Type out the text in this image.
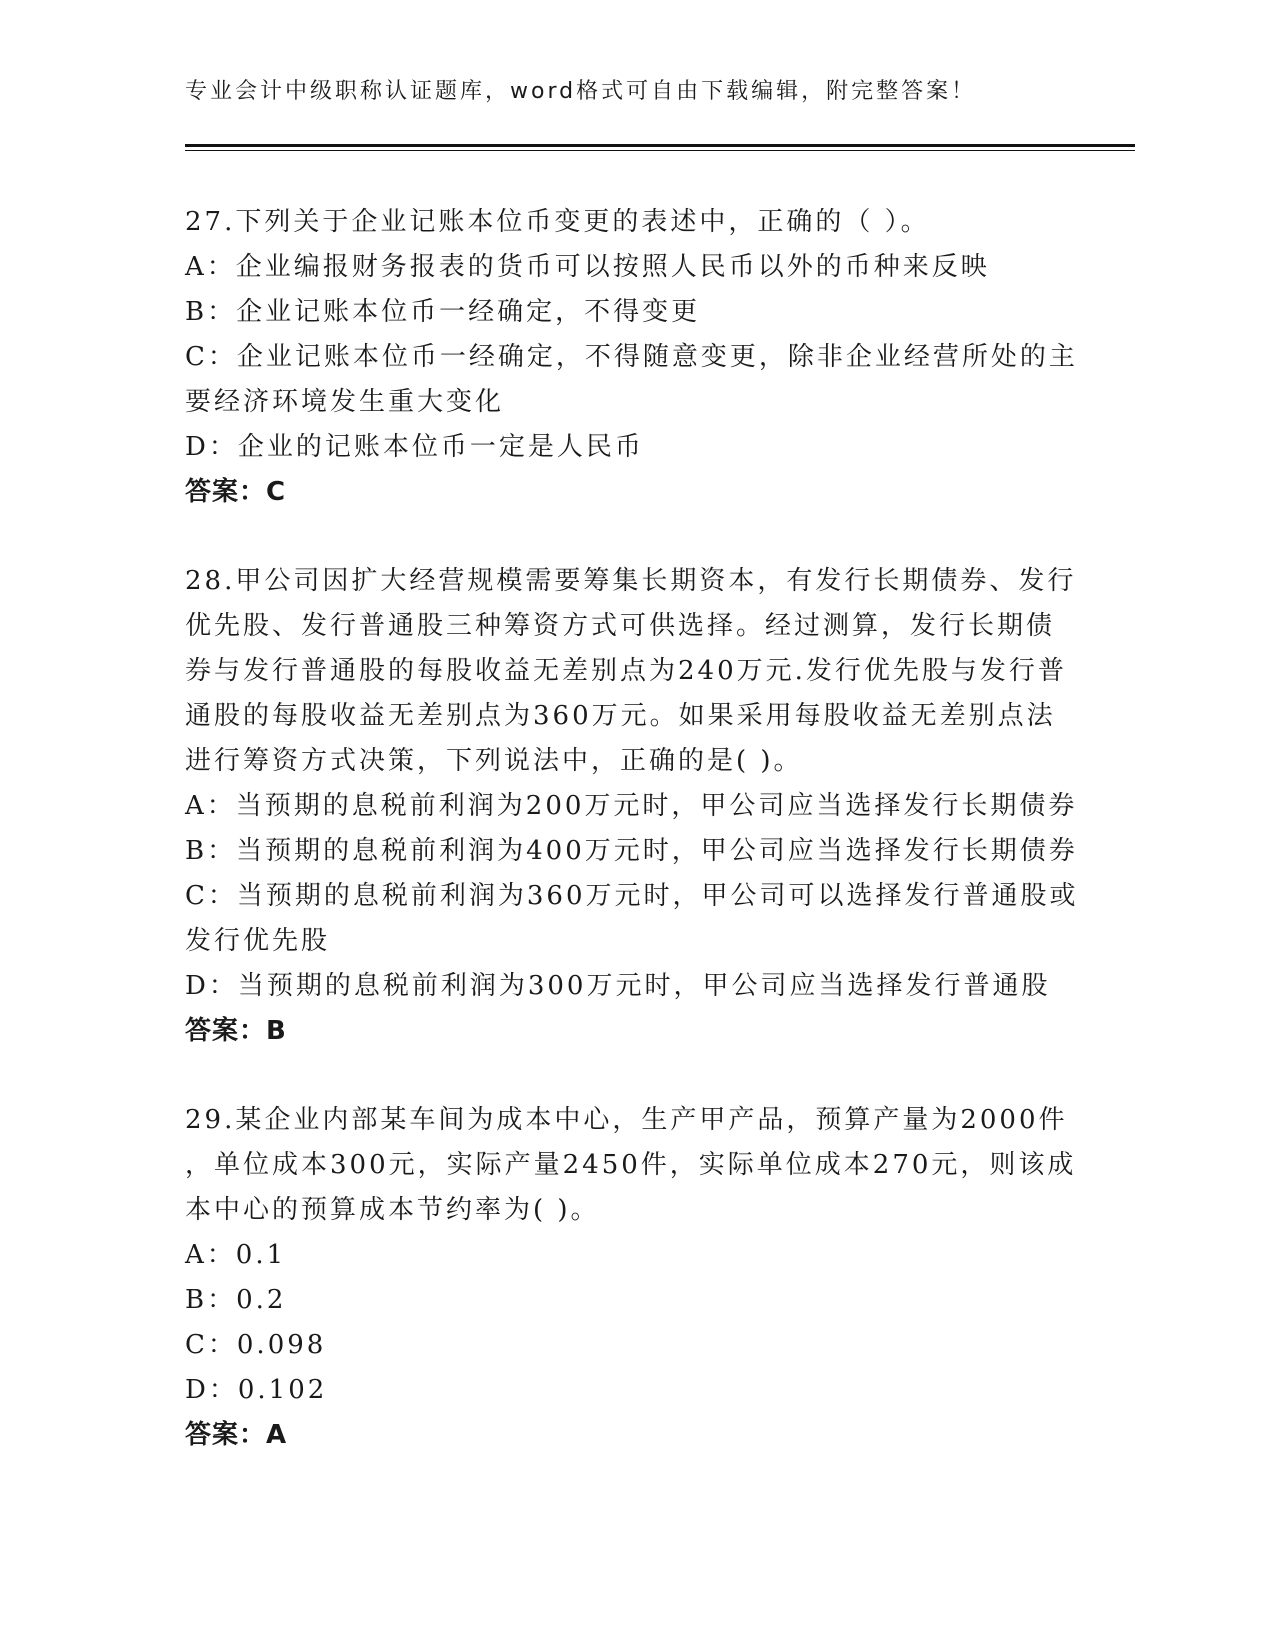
专业会计中级职称认证题库，word格式可自由下载编辑，附完整答案！
27.下列关于企业记账本位币变更的表述中，正确的（ ）。
A：企业编报财务报表的货币可以按照人民币以外的币种来反映
B：企业记账本位币一经确定，不得变更
C：企业记账本位币一经确定，不得随意变更，除非企业经营所处的主
要经济环境发生重大变化
D：企业的记账本位币一定是人民币
答案：C
28.甲公司因扩大经营规模需要筹集长期资本，有发行长期债券、发行
优先股、发行普通股三种筹资方式可供选择。经过测算，发行长期债
券与发行普通股的每股收益无差别点为240万元.发行优先股与发行普
通股的每股收益无差别点为360万元。如果采用每股收益无差别点法
进行筹资方式决策，下列说法中，正确的是( )。
A：当预期的息税前利润为200万元时，甲公司应当选择发行长期债券
B：当预期的息税前利润为400万元时，甲公司应当选择发行长期债券
C：当预期的息税前利润为360万元时，甲公司可以选择发行普通股或
发行优先股
D：当预期的息税前利润为300万元时，甲公司应当选择发行普通股
答案：B
29.某企业内部某车间为成本中心，生产甲产品，预算产量为2000件
，单位成本300元，实际产量2450件，实际单位成本270元，则该成
本中心的预算成本节约率为( )。
A：0.1
B：0.2
C：0.098
D：0.102
答案：A
